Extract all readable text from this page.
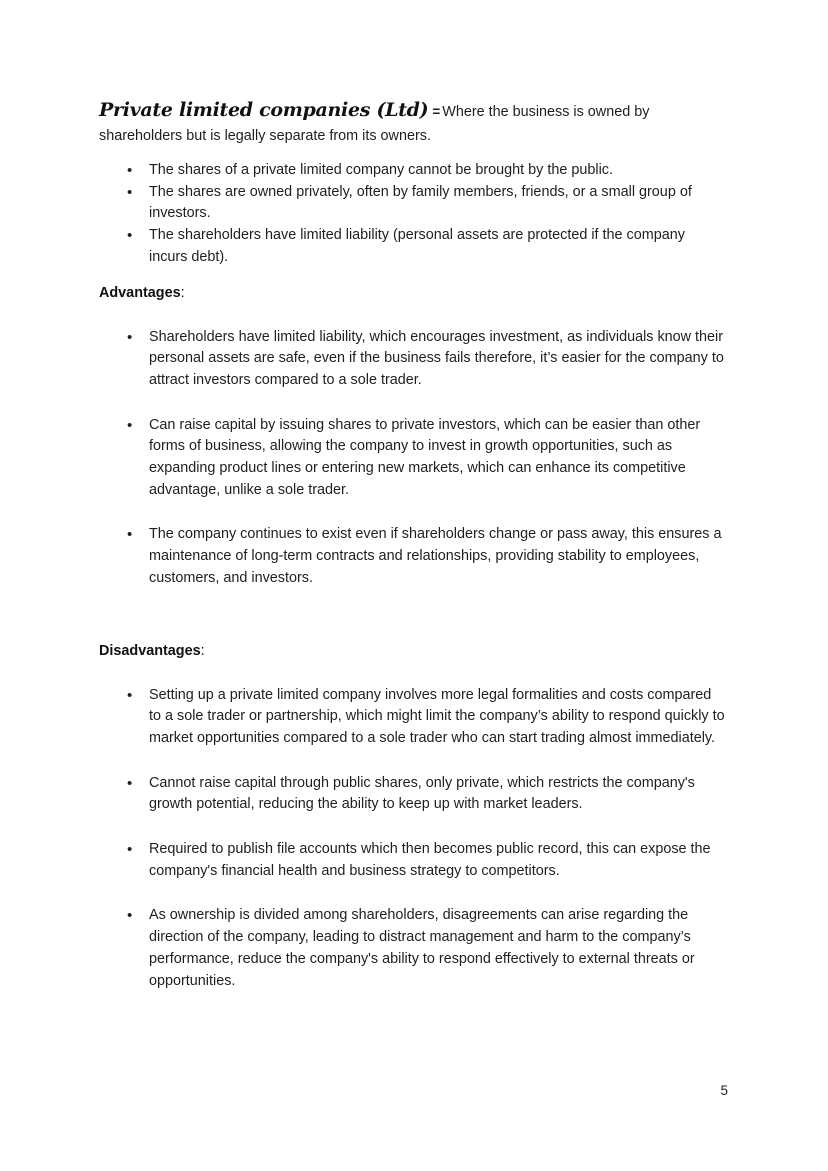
Private limited companies (Ltd) = Where the business is owned by shareholders but is legally separate from its owners.

•	The shares of a private limited company cannot be brought by the public.
•	The shares are owned privately, often by family members, friends, or a small group of investors.
•	The shareholders have limited liability (personal assets are protected if the company incurs debt).

Advantages:

•	Shareholders have limited liability, which encourages investment, as individuals know their personal assets are safe, even if the business fails therefore, it’s easier for the company to attract investors compared to a sole trader.
•	Can raise capital by issuing shares to private investors, which can be easier than other forms of business, allowing the company to invest in growth opportunities, such as expanding product lines or entering new markets, which can enhance its competitive advantage, unlike a sole trader.
•	The company continues to exist even if shareholders change or pass away, this ensures a maintenance of long-term contracts and relationships, providing stability to employees, customers, and investors.

Disadvantages:

•	Setting up a private limited company involves more legal formalities and costs compared to a sole trader or partnership, which might limit the company’s ability to respond quickly to market opportunities compared to a sole trader who can start trading almost immediately.
•	Cannot raise capital through public shares, only private, which restricts the company's growth potential, reducing the ability to keep up with market leaders.
•	Required to publish file accounts which then becomes public record, this can expose the company's financial health and business strategy to competitors.
•	As ownership is divided among shareholders, disagreements can arise regarding the direction of the company, leading to distract management and harm to the company’s performance, reduce the company's ability to respond effectively to external threats or opportunities.
5
